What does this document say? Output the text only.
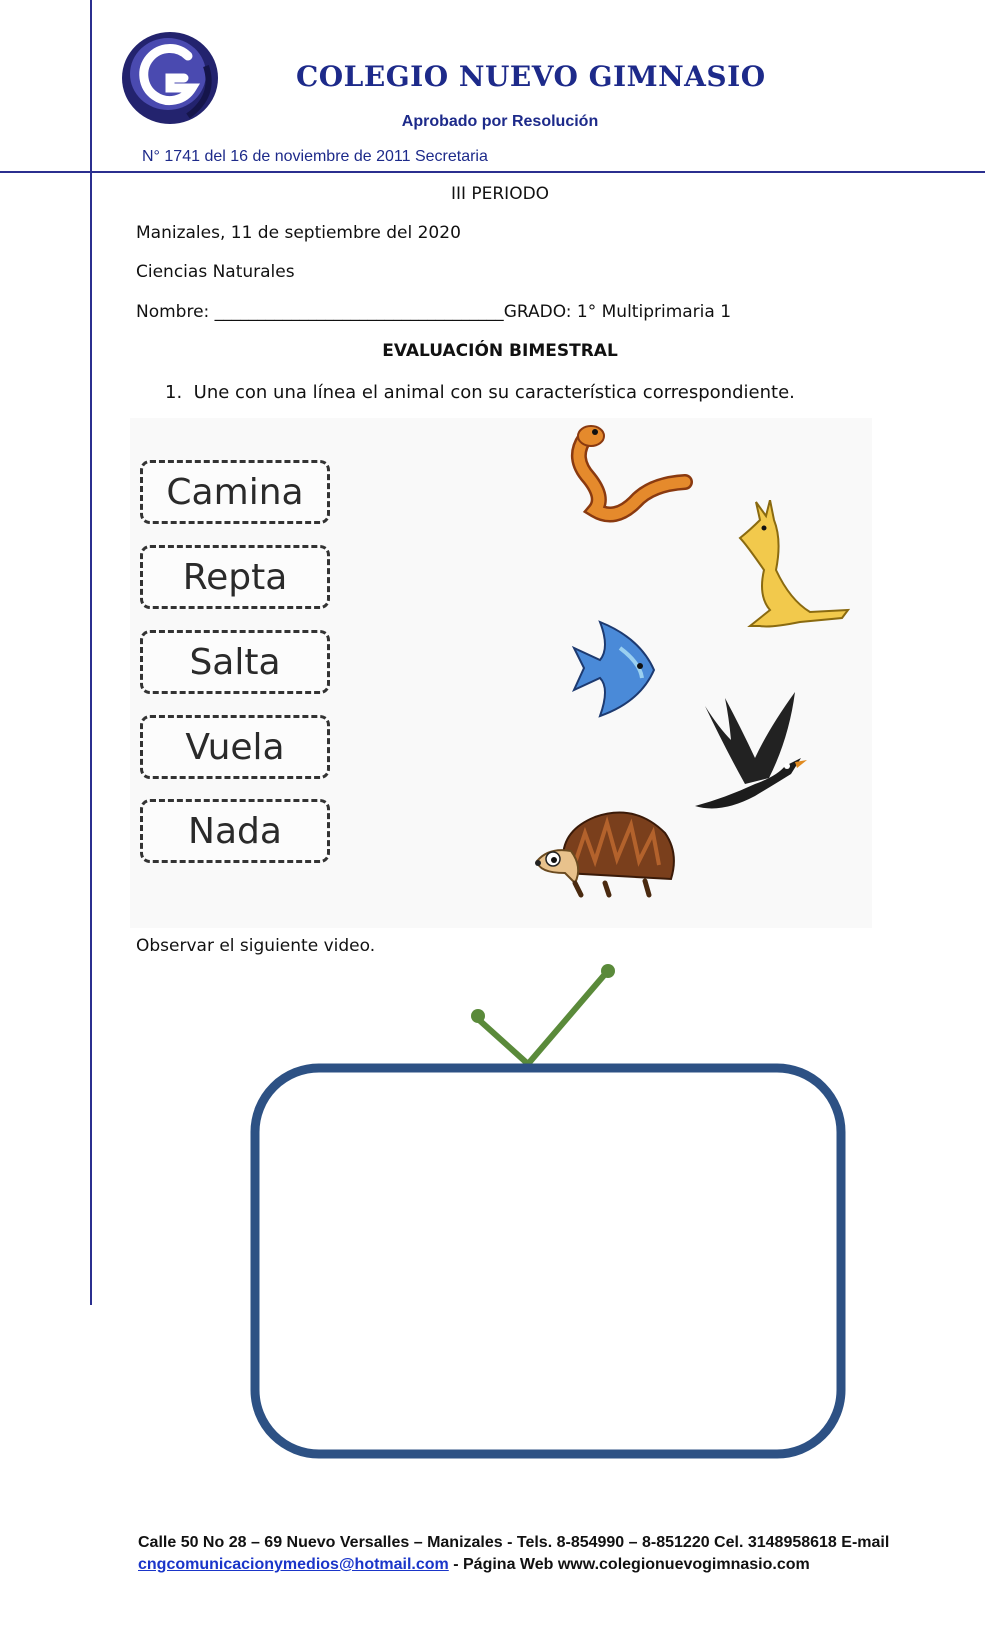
COLEGIO NUEVO GIMNASIO
Aprobado por Resolución
N° 1741 del 16 de noviembre de 2011 Secretaria
III PERIODO
Manizales, 11 de septiembre del 2020
Ciencias Naturales
Nombre: __________________________________GRADO: 1° Multiprimaria 1
EVALUACIÓN BIMESTRAL
1. Une con una línea el animal con su característica correspondiente.
Camina
Repta
Salta
Vuela
Nada
Observar el siguiente video.
Calle 50 No 28 – 69 Nuevo Versalles – Manizales - Tels. 8-854990 – 8-851220 Cel. 3148958618 E-mail
cngcomunicacionymedios@hotmail.com - Página Web www.colegionuevogimnasio.com
